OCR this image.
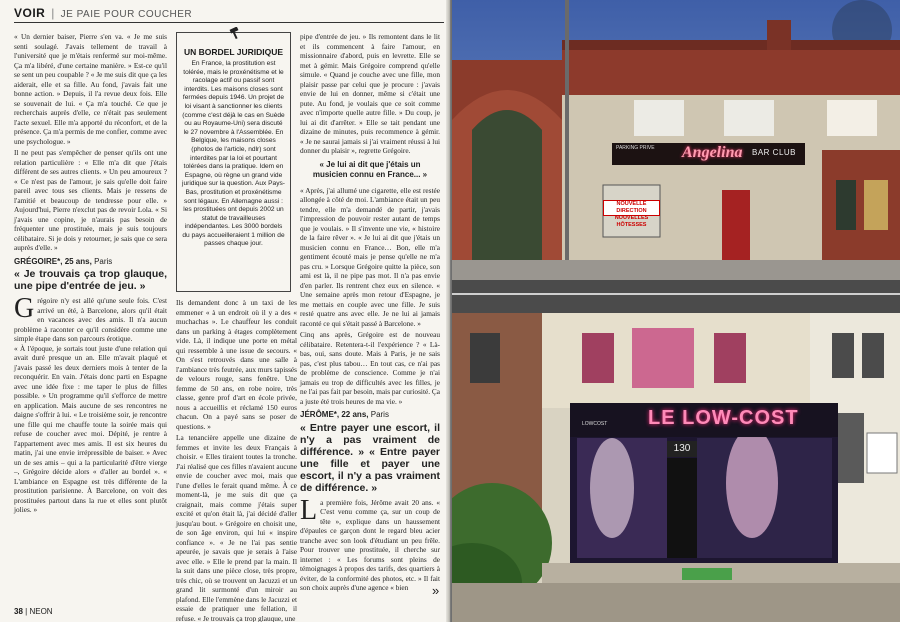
VOIR | JE PAIE POUR COUCHER

« Un dernier baiser, Pierre s'en va. « Je me suis senti soulagé. J'avais tellement de travail à l'université que je m'étais renfermé sur moi-même. Ça m'a libéré, d'une certaine manière. » Est-ce qu'il se sent un peu coupable ? « Je me suis dit que ça les aiderait, elle et sa fille. Au fond, j'avais fait une bonne action. » Depuis, il l'a revue deux fois. Elle se souvenait de lui. « Ça m'a touché. Ce que je recherchais auprès d'elle, ce n'était pas seulement l'acte sexuel. Elle m'a apporté du réconfort, et de la présence. Ça m'a permis de me confier, comme avec une psychologue. »

Il ne peut pas s'empêcher de penser qu'ils ont une relation particulière : « Elle m'a dit que j'étais différent de ses autres clients. » Un peu amoureux ? « Ce n'est pas de l'amour, je sais qu'elle doit faire pareil avec tous ses clients. Mais je ressens de l'amitié et beaucoup de tendresse pour elle. » Aujourd'hui, Pierre n'exclut pas de revoir Lola. « Si j'avais une copine, je n'aurais pas besoin de fréquenter une prostituée, mais je suis toujours célibataire. Si je dois y retourner, je sais que ce sera auprès d'elle. »

GRÉGOIRE*, 25 ans, Paris
« Je trouvais ça trop glauque, une pipe d'entrée de jeu. »
G régoire n'y est allé qu'une seule fois. C'est arrivé un été, à Barcelone, alors qu'il était en vacances avec des amis. Il n'a aucun problème à raconter ce qu'il considère comme une simple étape dans son parcours érotique.

« À l'époque, je sortais tout juste d'une relation qui avait duré presque un an. Elle m'avait plaqué et j'avais passé les deux derniers mois à tenter de la reconquérir. En vain. J'étais donc parti en Espagne avec une idée fixe : me taper le plus de filles possible. » Un programme qu'il s'efforce de mettre en application. Mais aucune de ses rencontres ne daigne s'offrir à lui. « Le troisième soir, je rencontre une fille qui me chauffe toute la soirée mais qui refuse de coucher avec moi. Dépité, je rentre à l'appartement avec mes amis. Il est six heures du matin, j'ai une envie irrépressible de baiser. » Avec un de ses amis – qui a la particularité d'être vierge –, Grégoire décide alors « d'aller au bordel ». « L'ambiance en Espagne est très différente de la prostitution parisienne. À Barcelone, on voit des prostituées partout dans la rue et elles sont plutôt jolies. »

UN BORDEL JURIDIQUE
En France, la prostitution est tolérée, mais le proxénétisme et le racolage actif ou passif sont interdits. Les maisons closes sont fermées depuis 1946. Un projet de loi visant à sanctionner les clients (comme c'est déjà le cas en Suède ou au Royaume-Uni) sera discuté le 27 novembre à l'Assemblée. En Belgique, les maisons closes (photos de l'article, ndlr) sont interdites par la loi et pourtant tolérées dans la pratique. Idem en Espagne, où règne un grand vide juridique sur la question. Aux Pays-Bas, prostitution et proxénétisme sont légaux. En Allemagne aussi : les prostituées ont depuis 2002 un statut de travailleuses indépendantes. Les 3000 bordels du pays accueilleraient 1 million de passes chaque jour.

Ils demandent donc à un taxi de les emmener « à un endroit où il y a des « muchachas ». Le chauffeur les conduit dans un parking à étages complètement vide. Là, il indique une porte en métal qui ressemble à une issue de secours. « On s'est retrouvés dans une salle à l'ambiance très feutrée, aux murs tapissés de velours rouge, sans fenêtre. Une femme de 50 ans, en robe noire, très classe, genre prof d'art en école privée, nous a accueillis et réclamé 150 euros chacun. On a payé sans se poser de questions. »

La tenancière appelle une dizaine de femmes et invite les deux Français à choisir. « Elles tiraient toutes la tronche. J'ai réalisé que ces filles n'avaient aucune envie de coucher avec moi, mais que l'une d'elles le ferait quand même. À ce moment-là, je me suis dit que ça craignait, mais comme j'étais super excité et qu'on était là, j'ai décidé d'aller jusqu'au bout. » Grégoire en choisit une, de son âge environ, qui lui « inspire confiance ». « Je ne l'ai pas sentie apeurée, je savais que je serais à l'aise avec elle. » Elle le prend par la main. Il la suit dans une pièce close, très propre, très chic, où se trouvent un Jacuzzi et un grand lit surmonté d'un miroir au plafond. Elle l'emmène dans le Jacuzzi et essaie de pratiquer une fellation, il refuse. « Je trouvais ça trop glauque, une

pipe d'entrée de jeu. » Ils remontent dans le lit et ils commencent à faire l'amour, en missionnaire d'abord, puis en levrette. Elle se met à gémir. Mais Grégoire comprend qu'elle simule. « Quand je couche avec une fille, mon plaisir passe par celui que je procure : j'avais envie de lui en donner, même si c'était une pute. Au fond, je voulais que ce soit comme avec n'importe quelle autre fille. » Du coup, je lui ai dit d'arrêter. » Elle se tait pendant une dizaine de minutes, puis recommence à gémir. « Je ne saurai jamais si j'ai vraiment réussi à lui donner du plaisir », regrette Grégoire.

« Je lui ai dit que j'étais un musicien connu en France... »

« Après, j'ai allumé une cigarette, elle est restée allongée à côté de moi. L'ambiance était un peu tendre, elle m'a demandé de partir, j'avais l'impression de pouvoir rester autant de temps que je voulais. » Il s'invente une vie, « histoire de la faire rêver ». « Je lui ai dit que j'étais un musicien connu en France… Bon, elle m'a gentiment écouté mais je pense qu'elle ne m'a pas cru. » Lorsque Grégoire quitte la pièce, son ami est là, il ne pipe pas mot. Il n'a pas envie d'en parler. Ils rentrent chez eux en silence. « Une semaine après mon retour d'Espagne, je me mettais en couple avec une fille. Je suis resté quatre ans avec elle. Je ne lui ai jamais raconté ce qui s'était passé à Barcelone. »

Cinq ans après, Grégoire est de nouveau célibataire. Retentera-t-il l'expérience ? « Là-bas, oui, sans doute. Mais à Paris, je ne sais pas, c'est plus tabou… En tout cas, ce n'ai pas de problème de conscience. Comme je n'ai jamais eu trop de difficultés avec les filles, je ne l'ai pas fait par besoin, mais par curiosité. Ça a juste été trois heures de ma vie. »

JÉRÔME*, 22 ans, Paris
« Entre payer une escort, il n'y a pas vraiment de différence. » « Entre payer une fille et payer une escort, il n'y a pas vraiment de différence. »
L a première fois, Jérôme avait 20 ans. « C'est venu comme ça, sur un coup de tête », explique dans un haussement d'épaules ce garçon dont le regard bleu acier tranche avec son look d'étudiant un peu frêle. Pour trouver une prostituée, il cherche sur internet : « Les forums sont pleins de témoignages à propos des tarifs, des quartiers à éviter, de la conformité des photos, etc. » Il fait son choix auprès d'une agence « bien
38 | NEON
»
PARKING PRIVE Angelina BAR CLUB
NOUVELLE DIRECTION
NOUVELLES HÔTESSES
LOWCOST LE LOW-COST
130
